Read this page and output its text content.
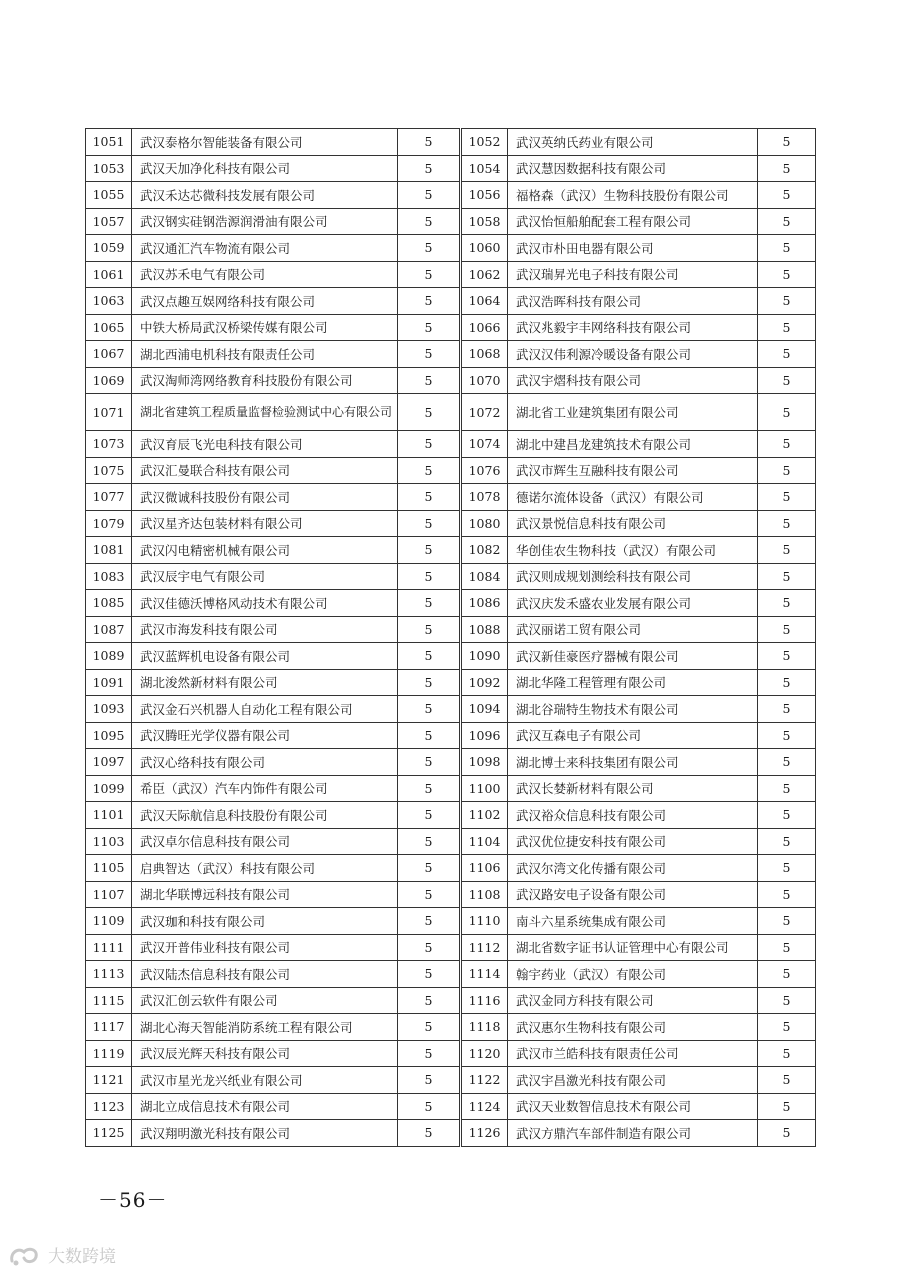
1051	武汉泰格尔智能装备有限公司	5		1052	武汉英纳氏药业有限公司	5
1053	武汉天加净化科技有限公司	5		1054	武汉慧因数据科技有限公司	5
1055	武汉禾达芯微科技发展有限公司	5		1056	福格森（武汉）生物科技股份有限公司	5
1057	武汉钢实硅钢浩源润滑油有限公司	5		1058	武汉怡恒船舶配套工程有限公司	5
1059	武汉通汇汽车物流有限公司	5		1060	武汉市朴田电器有限公司	5
1061	武汉苏禾电气有限公司	5		1062	武汉瑞昇光电子科技有限公司	5
1063	武汉点趣互娱网络科技有限公司	5		1064	武汉浩晖科技有限公司	5
1065	中铁大桥局武汉桥梁传媒有限公司	5		1066	武汉兆毅宇丰网络科技有限公司	5
1067	湖北西浦电机科技有限责任公司	5		1068	武汉汉伟利源冷暖设备有限公司	5
1069	武汉淘师湾网络教育科技股份有限公司	5		1070	武汉宇熠科技有限公司	5
1071	湖北省建筑工程质量监督检验测试中心有限公司	5		1072	湖北省工业建筑集团有限公司	5
1073	武汉育辰飞光电科技有限公司	5		1074	湖北中建昌龙建筑技术有限公司	5
1075	武汉汇曼联合科技有限公司	5		1076	武汉市辉生互融科技有限公司	5
1077	武汉微诚科技股份有限公司	5		1078	德诺尔流体设备（武汉）有限公司	5
1079	武汉星齐达包装材料有限公司	5		1080	武汉景悦信息科技有限公司	5
1081	武汉闪电精密机械有限公司	5		1082	华创佳农生物科技（武汉）有限公司	5
1083	武汉辰宇电气有限公司	5		1084	武汉则成规划测绘科技有限公司	5
1085	武汉佳德沃博格风动技术有限公司	5		1086	武汉庆发禾盛农业发展有限公司	5
1087	武汉市海发科技有限公司	5		1088	武汉丽诺工贸有限公司	5
1089	武汉蓝辉机电设备有限公司	5		1090	武汉新佳豪医疗器械有限公司	5
1091	湖北浚然新材料有限公司	5		1092	湖北华隆工程管理有限公司	5
1093	武汉金石兴机器人自动化工程有限公司	5		1094	湖北谷瑞特生物技术有限公司	5
1095	武汉腾旺光学仪器有限公司	5		1096	武汉互森电子有限公司	5
1097	武汉心络科技有限公司	5		1098	湖北博士来科技集团有限公司	5
1099	希臣（武汉）汽车内饰件有限公司	5		1100	武汉长婪新材料有限公司	5
1101	武汉天际航信息科技股份有限公司	5		1102	武汉裕众信息科技有限公司	5
1103	武汉卓尔信息科技有限公司	5		1104	武汉优位捷安科技有限公司	5
1105	启典智达（武汉）科技有限公司	5		1106	武汉尔湾文化传播有限公司	5
1107	湖北华联博远科技有限公司	5		1108	武汉路安电子设备有限公司	5
1109	武汉珈和科技有限公司	5		1110	南斗六星系统集成有限公司	5
1111	武汉开普伟业科技有限公司	5		1112	湖北省数字证书认证管理中心有限公司	5
1113	武汉陆杰信息科技有限公司	5		1114	翰宇药业（武汉）有限公司	5
1115	武汉汇创云软件有限公司	5		1116	武汉金同方科技有限公司	5
1117	湖北心海天智能消防系统工程有限公司	5		1118	武汉惠尔生物科技有限公司	5
1119	武汉辰光辉天科技有限公司	5		1120	武汉市兰皓科技有限责任公司	5
1121	武汉市星光龙兴纸业有限公司	5		1122	武汉宇昌激光科技有限公司	5
1123	湖北立成信息技术有限公司	5		1124	武汉天业数智信息技术有限公司	5
1125	武汉翔明激光科技有限公司	5		1126	武汉方鼎汽车部件制造有限公司	5
－56－
大数跨境
